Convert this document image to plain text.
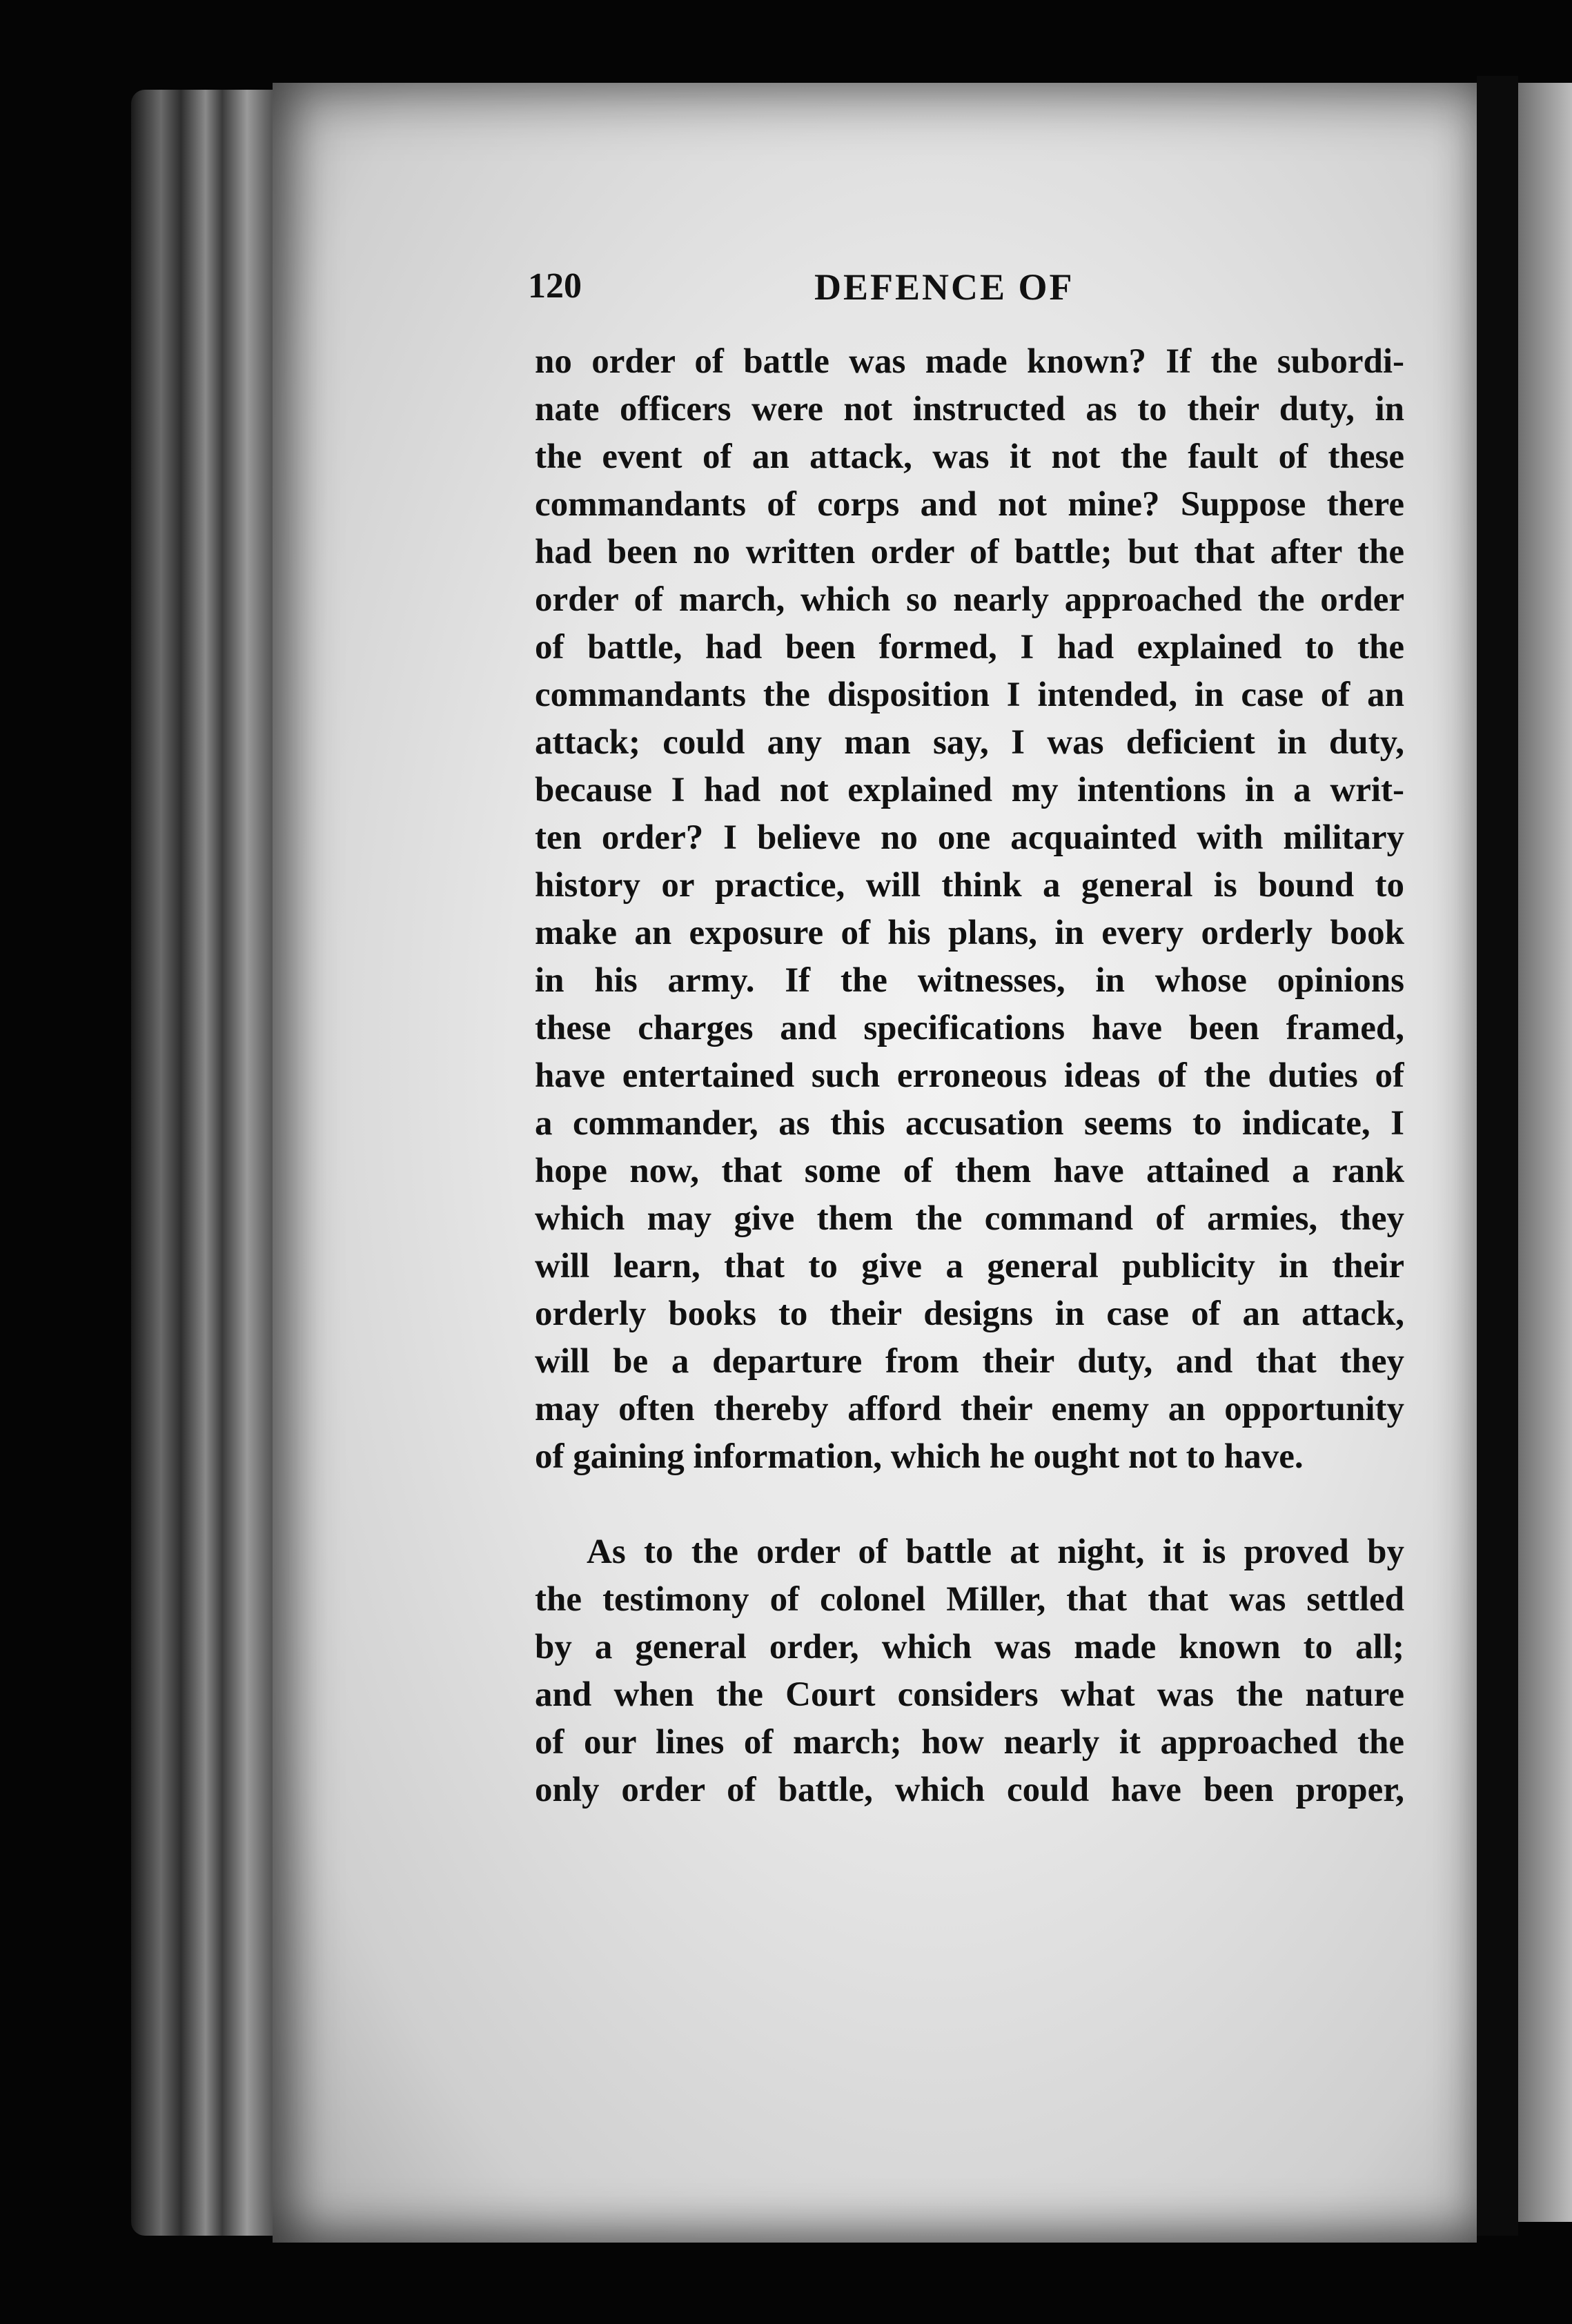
120	DEFENCE OF
no order of battle was made known? If the subordi-
nate officers were not instructed as to their duty, in
the event of an attack, was it not the fault of these
commandants of corps and not mine? Suppose there
had been no written order of battle; but that after the
order of march, which so nearly approached the order
of battle, had been formed, I had explained to the
commandants the disposition I intended, in case of an
attack; could any man say, I was deficient in duty,
because I had not explained my intentions in a writ-
ten order? I believe no one acquainted with military
history or practice, will think a general is bound to
make an exposure of his plans, in every orderly book
in his army. If the witnesses, in whose opinions
these charges and specifications have been framed,
have entertained such erroneous ideas of the duties of
a commander, as this accusation seems to indicate, I
hope now, that some of them have attained a rank
which may give them the command of armies, they
will learn, that to give a general publicity in their
orderly books to their designs in case of an attack,
will be a departure from their duty, and that they
may often thereby afford their enemy an opportunity
of gaining information, which he ought not to have.
As to the order of battle at night, it is proved by
the testimony of colonel Miller, that that was settled
by a general order, which was made known to all;
and when the Court considers what was the nature
of our lines of march; how nearly it approached the
only order of battle, which could have been proper,
